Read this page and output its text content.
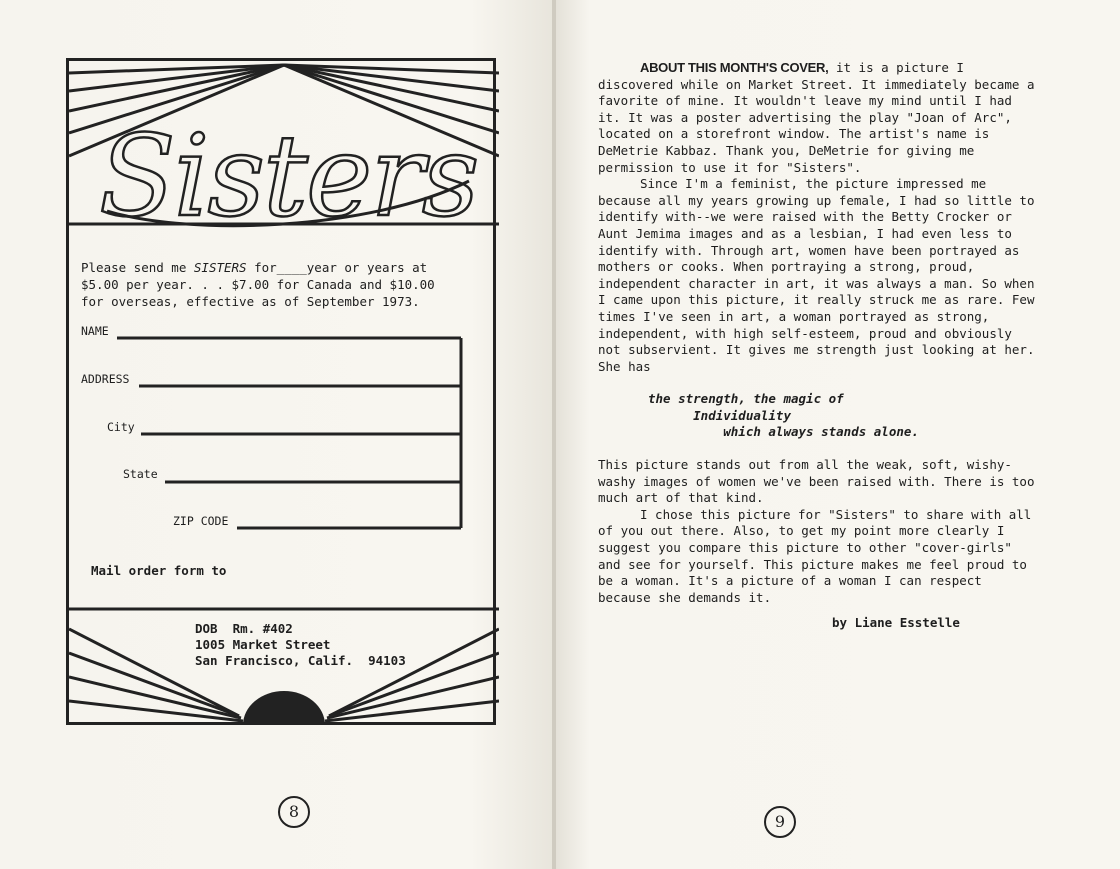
Sisters
Please send me SISTERS for____year or years at
$5.00 per year. . . $7.00 for Canada and $10.00
for overseas, effective as of September 1973.
NAME
ADDRESS
City
State
ZIP CODE
Mail order form to
DOB  Rm. #402
1005 Market Street
San Francisco, Calif.  94103
8

ABOUT THIS MONTH'S COVER, it is a picture I discovered while on Market Street. It immediately became a favorite of mine. It wouldn't leave my mind until I had it. It was a poster advertising the play "Joan of Arc", located on a storefront window. The artist's name is DeMetrie Kabbaz. Thank you, DeMetrie for giving me permission to use it for "Sisters".

Since I'm a feminist, the picture impressed me because all my years growing up female, I had so little to identify with--we were raised with the Betty Crocker or Aunt Jemima images and as a lesbian, I had even less to identify with. Through art, women have been portrayed as mothers or cooks. When portraying a strong, proud, independent character in art, it was always a man. So when I came upon this picture, it really struck me as rare. Few times I've seen in art, a woman portrayed as strong, independent, with high self-esteem, proud and obviously not subservient. It gives me strength just looking at her. She has

the strength, the magic of
Individuality
which always stands alone.

This picture stands out from all the weak, soft, wishy-washy images of women we've been raised with. There is too much art of that kind.

I chose this picture for "Sisters" to share with all of you out there. Also, to get my point more clearly I suggest you compare this picture to other "cover-girls" and see for yourself. This picture makes me feel proud to be a woman. It's a picture of a woman I can respect because she demands it.

by Liane Esstelle
9
